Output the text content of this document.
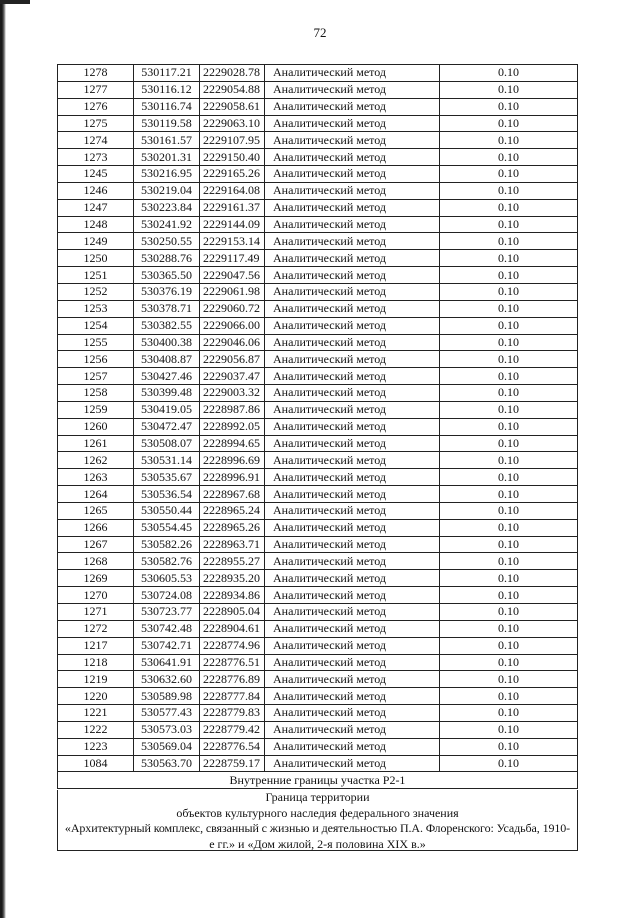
72
1278	530117.21	2229028.78	Аналитический метод	0.10
1277	530116.12	2229054.88	Аналитический метод	0.10
1276	530116.74	2229058.61	Аналитический метод	0.10
1275	530119.58	2229063.10	Аналитический метод	0.10
1274	530161.57	2229107.95	Аналитический метод	0.10
1273	530201.31	2229150.40	Аналитический метод	0.10
1245	530216.95	2229165.26	Аналитический метод	0.10
1246	530219.04	2229164.08	Аналитический метод	0.10
1247	530223.84	2229161.37	Аналитический метод	0.10
1248	530241.92	2229144.09	Аналитический метод	0.10
1249	530250.55	2229153.14	Аналитический метод	0.10
1250	530288.76	2229117.49	Аналитический метод	0.10
1251	530365.50	2229047.56	Аналитический метод	0.10
1252	530376.19	2229061.98	Аналитический метод	0.10
1253	530378.71	2229060.72	Аналитический метод	0.10
1254	530382.55	2229066.00	Аналитический метод	0.10
1255	530400.38	2229046.06	Аналитический метод	0.10
1256	530408.87	2229056.87	Аналитический метод	0.10
1257	530427.46	2229037.47	Аналитический метод	0.10
1258	530399.48	2229003.32	Аналитический метод	0.10
1259	530419.05	2228987.86	Аналитический метод	0.10
1260	530472.47	2228992.05	Аналитический метод	0.10
1261	530508.07	2228994.65	Аналитический метод	0.10
1262	530531.14	2228996.69	Аналитический метод	0.10
1263	530535.67	2228996.91	Аналитический метод	0.10
1264	530536.54	2228967.68	Аналитический метод	0.10
1265	530550.44	2228965.24	Аналитический метод	0.10
1266	530554.45	2228965.26	Аналитический метод	0.10
1267	530582.26	2228963.71	Аналитический метод	0.10
1268	530582.76	2228955.27	Аналитический метод	0.10
1269	530605.53	2228935.20	Аналитический метод	0.10
1270	530724.08	2228934.86	Аналитический метод	0.10
1271	530723.77	2228905.04	Аналитический метод	0.10
1272	530742.48	2228904.61	Аналитический метод	0.10
1217	530742.71	2228774.96	Аналитический метод	0.10
1218	530641.91	2228776.51	Аналитический метод	0.10
1219	530632.60	2228776.89	Аналитический метод	0.10
1220	530589.98	2228777.84	Аналитический метод	0.10
1221	530577.43	2228779.83	Аналитический метод	0.10
1222	530573.03	2228779.42	Аналитический метод	0.10
1223	530569.04	2228776.54	Аналитический метод	0.10
1084	530563.70	2228759.17	Аналитический метод	0.10
Внутренние границы участка Р2-1				
Граница территории
объектов культурного наследия федерального значения
«Архитектурный комплекс, связанный с жизнью и деятельностью П.А. Флоренского: Усадьба, 1910-
е гг.» и «Дом жилой, 2-я половина XIX в.»
